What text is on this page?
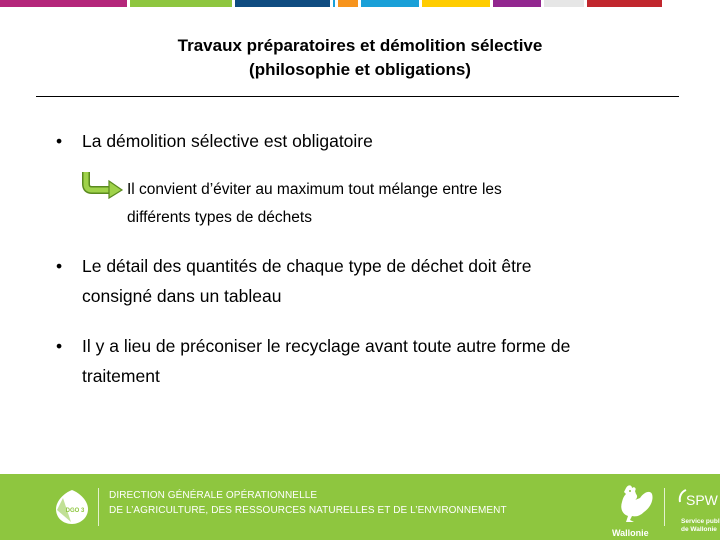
Travaux préparatoires et démolition sélective
(philosophie et obligations)
• La démolition sélective est obligatoire
Il convient d’éviter au maximum tout mélange entre les
différents types de déchets
• Le détail des quantités de chaque type de déchet doit être
consigné dans un tableau
• Il y a lieu de préconiser le recyclage avant toute autre forme de
traitement
DGO 3
DIRECTION GÉNÉRALE OPÉRATIONNELLE
DE L’AGRICULTURE, DES RESSOURCES NATURELLES ET DE L’ENVIRONNEMENT
Wallonie
SPW
Service public
de Wallonie
